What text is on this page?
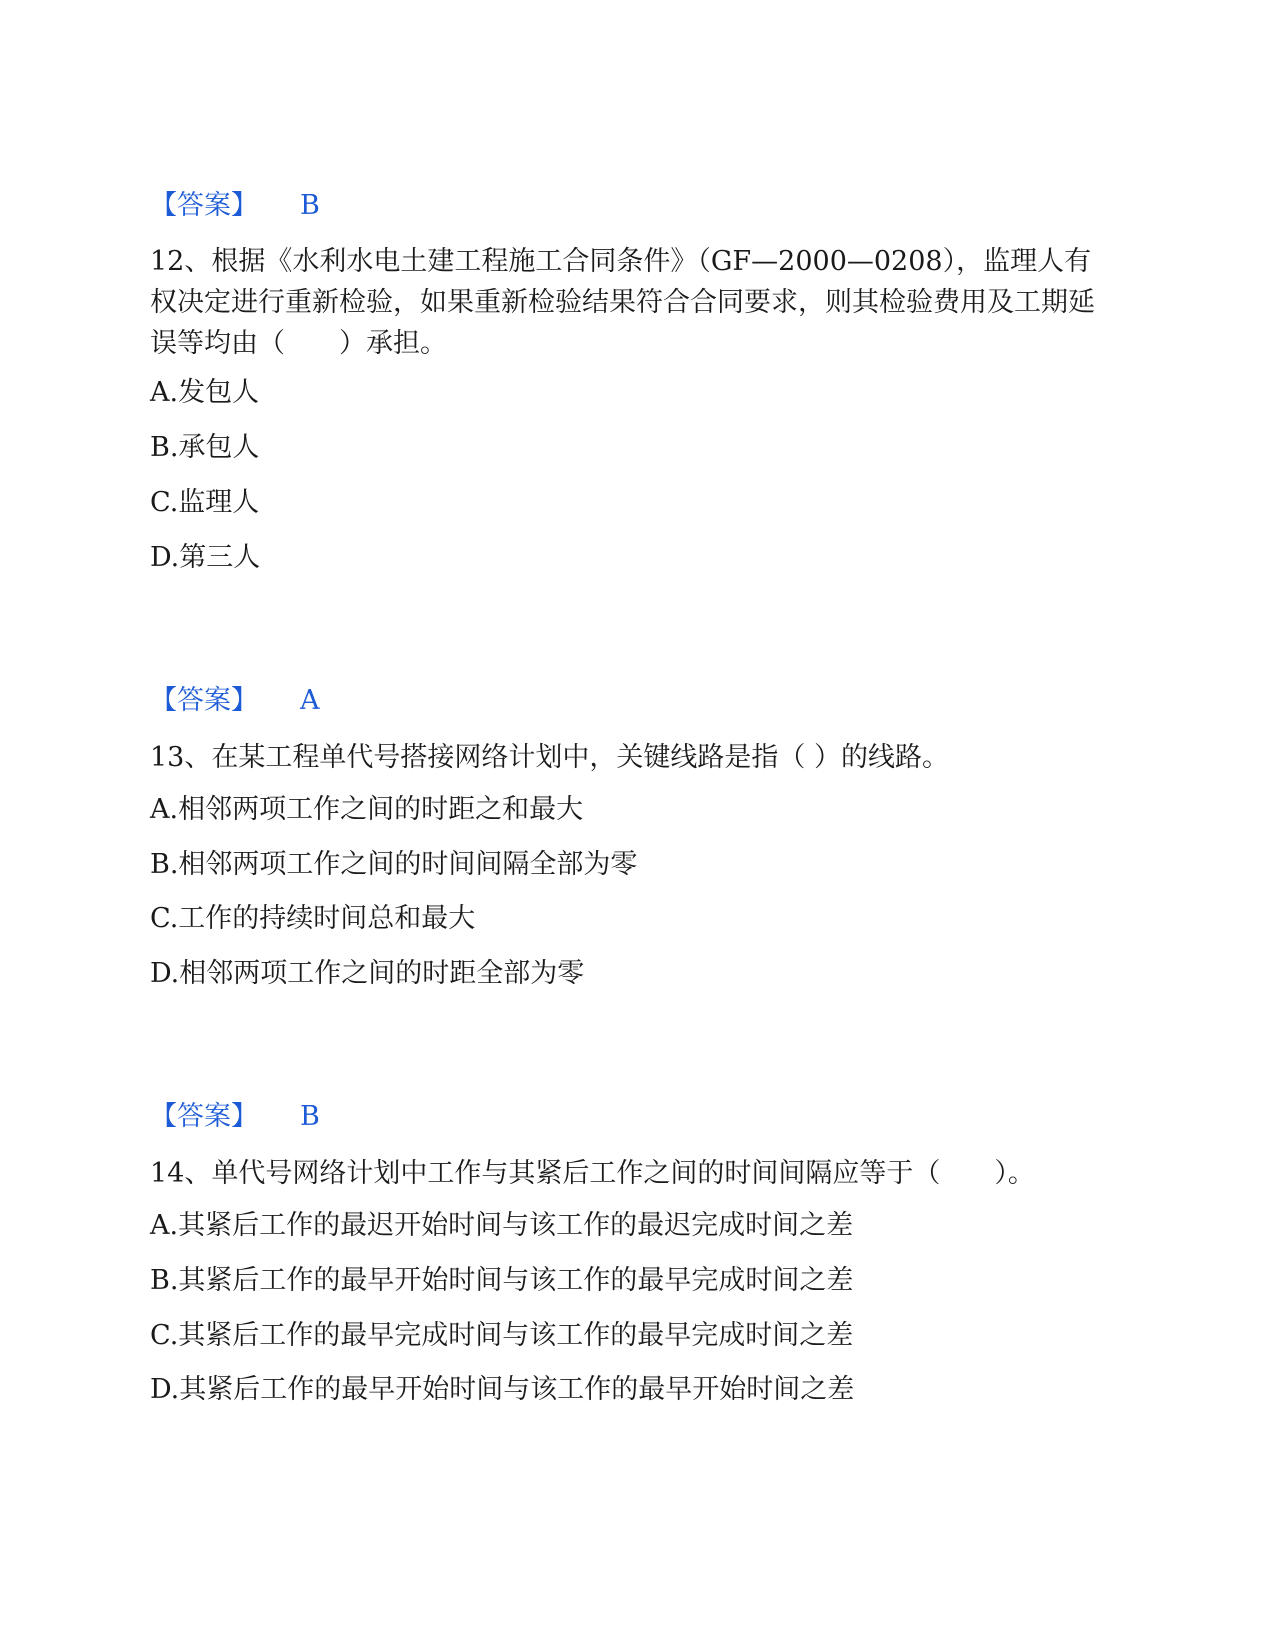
【答案】 B
12、根据《水利水电土建工程施工合同条件》（GF—2000—0208），监理人有权决定进行重新检验，如果重新检验结果符合合同要求，则其检验费用及工期延误等均由（　　）承担。
A.发包人
B.承包人
C.监理人
D.第三人
【答案】 A
13、在某工程单代号搭接网络计划中，关键线路是指（ ）的线路。
A.相邻两项工作之间的时距之和最大
B.相邻两项工作之间的时间间隔全部为零
C.工作的持续时间总和最大
D.相邻两项工作之间的时距全部为零
【答案】 B
14、单代号网络计划中工作与其紧后工作之间的时间间隔应等于（　　）。
A.其紧后工作的最迟开始时间与该工作的最迟完成时间之差
B.其紧后工作的最早开始时间与该工作的最早完成时间之差
C.其紧后工作的最早完成时间与该工作的最早完成时间之差
D.其紧后工作的最早开始时间与该工作的最早开始时间之差
